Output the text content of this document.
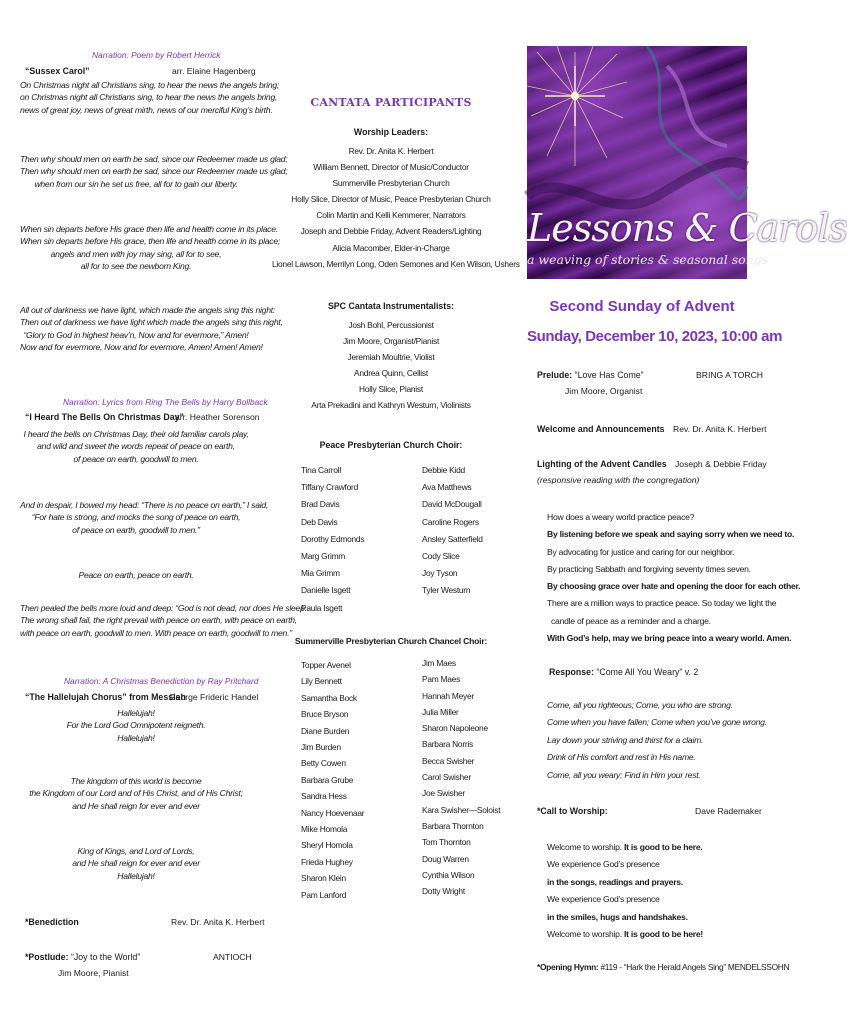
Narration: Poem by Robert Herrick
“Sussex Carol”	arr. Elaine Hagenberg
On Christmas night all Christians sing, to hear the news the angels bring;
on Christmas night all Christians sing, to hear the news the angels bring,
news of great joy, news of great mirth, news of our merciful King’s birth.
Then why should men on earth be sad, since our Redeemer made us glad;
Then why should men on earth be sad, since our Redeemer made us glad;
when from our sin he set us free, all for to gain our liberty.
When sin departs before His grace then life and health come in its place.
When sin departs before His grace, then life and health come in its place;
angels and men with joy may sing, all for to see,
all for to see the newborn King.
All out of darkness we have light, which made the angels sing this night:
Then out of darkness we have light which made the angels sing this night,
“Glory to God in highest heav’n, Now and for evermore,” Amen!
Now and for evermore, Now and for evermore, Amen! Amen! Amen!
Narration: Lyrics from Ring The Bells by Harry Bollback
“I Heard The Bells On Christmas Day”
arr. Heather Sorenson
I heard the bells on Christmas Day, their old familiar carols play,
and wild and sweet the words repeat of peace on earth,
of peace on earth, goodwill to men.
And in despair, I bowed my head: “There is no peace on earth,” I said,
“For hate is strong, and mocks the song of peace on earth,
of peace on earth, goodwill to men.”
Peace on earth, peace on earth.
Then pealed the bells more loud and deep: “God is not dead, nor does He sleep.
The wrong shall fail, the right prevail with peace on earth, with peace on earth,
with peace on earth, goodwill to men. With peace on earth, goodwill to men.”
Narration: A Christmas Benediction by Ray Pritchard
“The Hallelujah Chorus” from Messiah
George Frideric Handel
Hallelujah!
For the Lord God Omnipotent reigneth.
Hallelujah!
The kingdom of this world is become
the Kingdom of our Lord and of His Christ, and of His Christ;
and He shall reign for ever and ever
King of Kings, and Lord of Lords,
and He shall reign for ever and ever
Hallelujah!
*Benediction	Rev. Dr. Anita K. Herbert
*Postlude: “Joy to the World”	ANTIOCH
Jim Moore, Pianist
CANTATA PARTICIPANTS
Worship Leaders:
Rev. Dr. Anita K. Herbert
William Bennett, Director of Music/Conductor
Summerville Presbyterian Church
Holly Slice, Director of Music, Peace Presbyterian Church
Colin Martin and Kelli Kemmerer, Narrators
Joseph and Debbie Friday, Advent Readers/Lighting
Alicia Macomber, Elder-in-Charge
Lionel Lawson, Merrilyn Long, Oden Semones and Ken Wilson, Ushers
SPC Cantata Instrumentalists:
Josh Bohl, Percussionist
Jim Moore, Organist/Pianist
Jeremiah Moultrie, Violist
Andrea Quinn, Cellist
Holly Slice, Pianist
Arta Prekadini and Kathryn Westurn, Violinists
Peace Presbyterian Church Choir:
Tina Carroll
Tiffany Crawford
Brad Davis
Deb Davis
Dorothy Edmonds
Marg Grimm
Mia Grimm
Danielle Isgett
Paula Isgett
Debbie Kidd
Ava Matthews
David McDougall
Caroline Rogers
Ansley Satterfield
Cody Slice
Joy Tyson
Tyler Westurn
Summerville Presbyterian Church Chancel Choir:
Topper Avenel
Lily Bennett
Samantha Bock
Bruce Bryson
Diane Burden
Jim Burden
Betty Cowen
Barbara Grube
Sandra Hess
Nancy Hoevenaar
Mike Homola
Sheryl Homola
Frieda Hughey
Sharon Klein
Pam Lanford
Jim Maes
Pam Maes
Hannah Meyer
Julia Miller
Sharon Napoleone
Barbara Norris
Becca Swisher
Carol Swisher
Joe Swisher
Kara Swisher—Soloist
Barbara Thornton
Tom Thornton
Doug Warren
Cynthia Wilson
Dotty Wright
Lessons & Carols
a weaving of stories & seasonal songs
Second Sunday of Advent
Sunday, December 10, 2023, 10:00 am
Prelude: “Love Has Come”	BRING A TORCH
Jim Moore, Organist
Welcome and Announcements Rev. Dr. Anita K. Herbert
Lighting of the Advent Candles Joseph & Debbie Friday
(responsive reading with the congregation)
How does a weary world practice peace?
By listening before we speak and saying sorry when we need to.
By advocating for justice and caring for our neighbor.
By practicing Sabbath and forgiving seventy times seven.
By choosing grace over hate and opening the door for each other.
There are a million ways to practice peace. So today we light the
candle of peace as a reminder and a charge.
With God’s help, may we bring peace into a weary world. Amen.
Response: “Come All You Weary” v. 2
Come, all you righteous; Come, you who are strong.
Come when you have fallen; Come when you’ve gone wrong.
Lay down your striving and thirst for a claim.
Drink of His comfort and rest in His name.
Come, all you weary; Find in Him your rest.
*Call to Worship:	Dave Rademaker
Welcome to worship. It is good to be here.
We experience God’s presence
in the songs, readings and prayers.
We experience God’s presence
in the smiles, hugs and handshakes.
Welcome to worship. It is good to be here!
*Opening Hymn: #119 - “Hark the Herald Angels Sing” MENDELSSOHN
